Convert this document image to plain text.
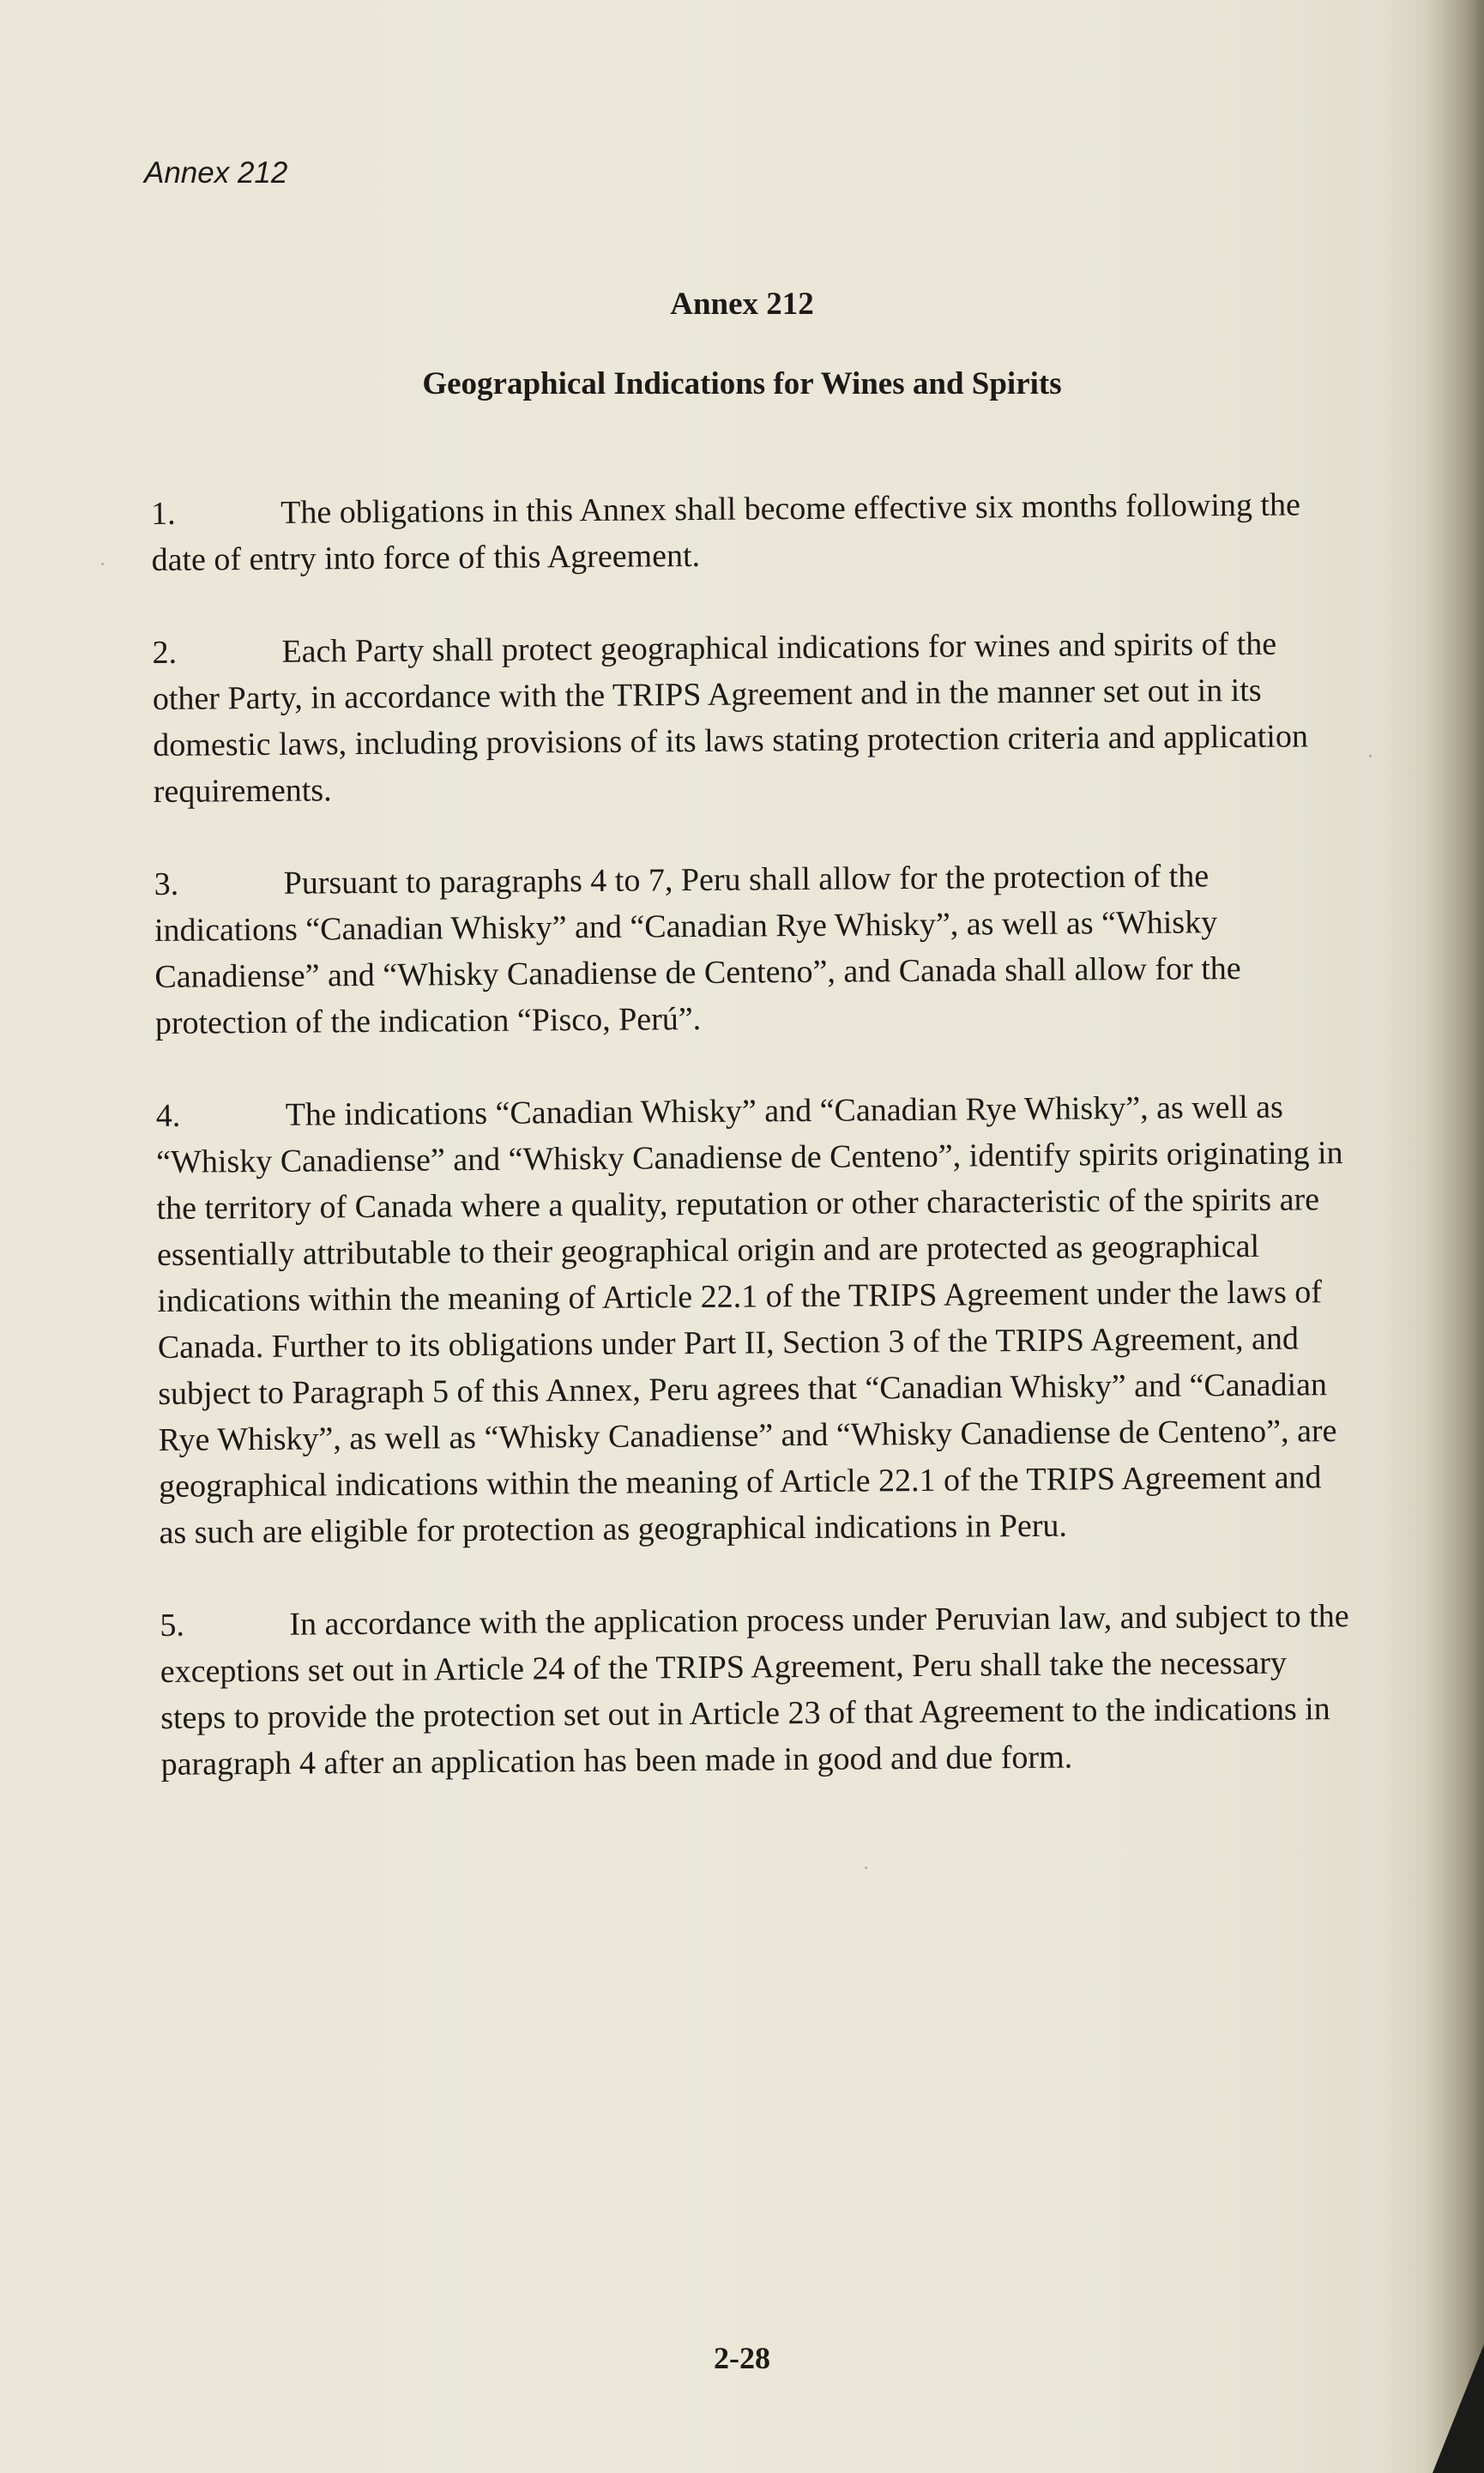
Annex 212
Annex 212
Geographical Indications for Wines and Spirits

1.	The obligations in this Annex shall become effective six months following the date of entry into force of this Agreement.

2.	Each Party shall protect geographical indications for wines and spirits of the other Party, in accordance with the TRIPS Agreement and in the manner set out in its domestic laws, including provisions of its laws stating protection criteria and application requirements.

3.	Pursuant to paragraphs 4 to 7, Peru shall allow for the protection of the indications “Canadian Whisky” and “Canadian Rye Whisky”, as well as “Whisky Canadiense” and “Whisky Canadiense de Centeno”, and Canada shall allow for the protection of the indication “Pisco, Perú”.

4.	The indications “Canadian Whisky” and “Canadian Rye Whisky”, as well as “Whisky Canadiense” and “Whisky Canadiense de Centeno”, identify spirits originating in the territory of Canada where a quality, reputation or other characteristic of the spirits are essentially attributable to their geographical origin and are protected as geographical indications within the meaning of Article 22.1 of the TRIPS Agreement under the laws of Canada. Further to its obligations under Part II, Section 3 of the TRIPS Agreement, and subject to Paragraph 5 of this Annex, Peru agrees that “Canadian Whisky” and “Canadian Rye Whisky”, as well as “Whisky Canadiense” and “Whisky Canadiense de Centeno”, are geographical indications within the meaning of Article 22.1 of the TRIPS Agreement and as such are eligible for protection as geographical indications in Peru.

5.	In accordance with the application process under Peruvian law, and subject to the exceptions set out in Article 24 of the TRIPS Agreement, Peru shall take the necessary steps to provide the protection set out in Article 23 of that Agreement to the indications in paragraph 4 after an application has been made in good and due form.

2-28
